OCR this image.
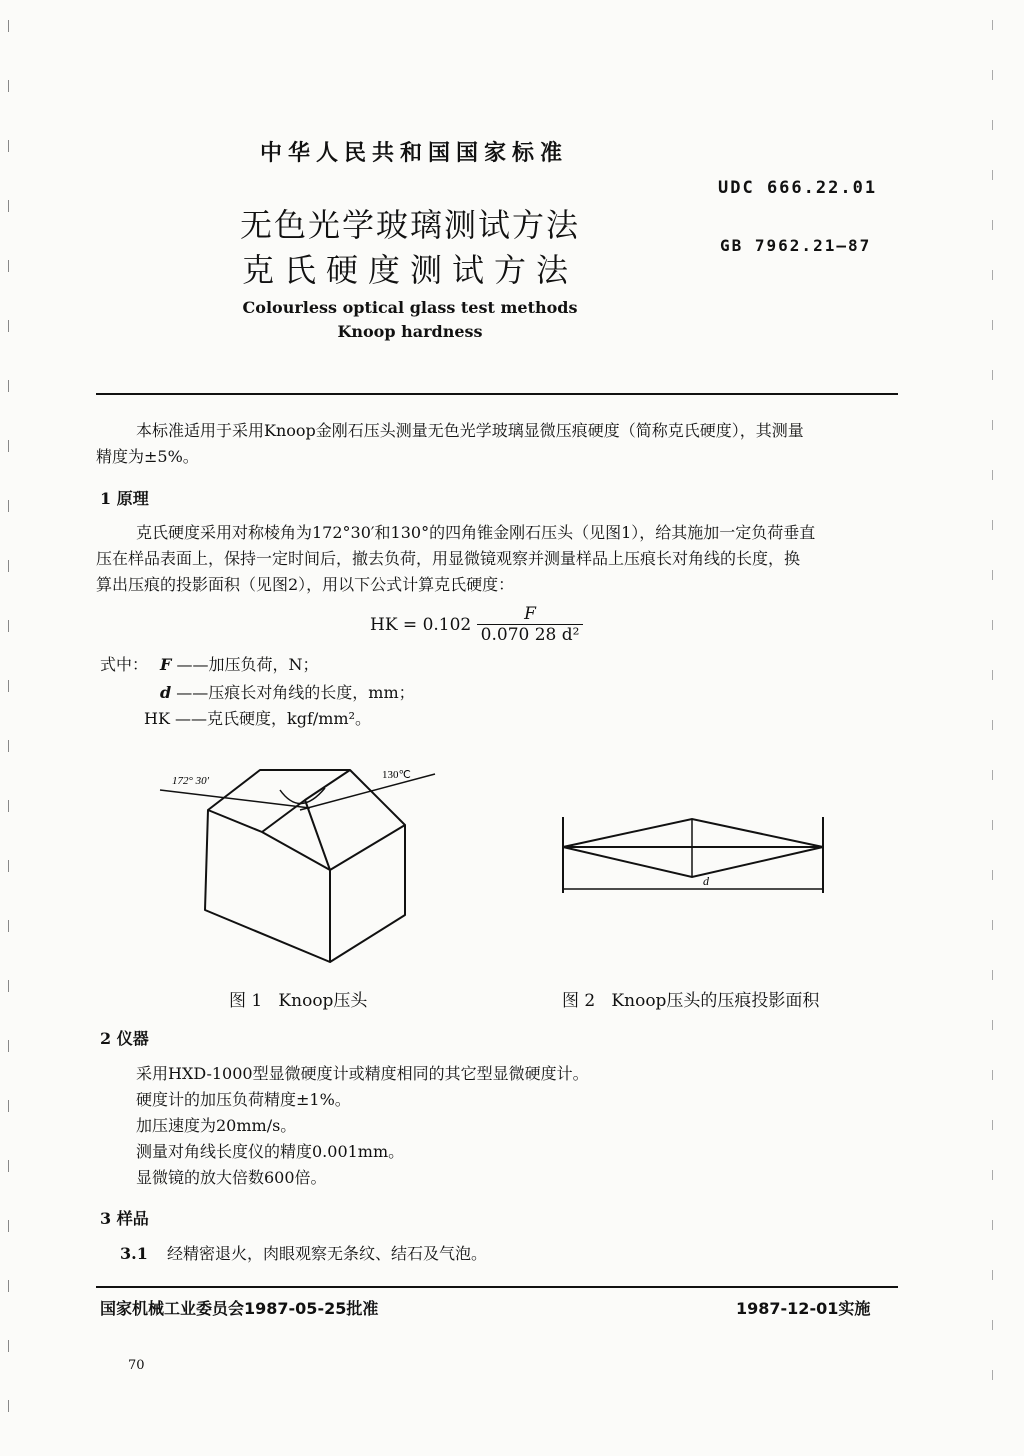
中华人民共和国国家标准
UDC 666.22.01
无色光学玻璃测试方法
GB 7962.21—87
克氏硬度测试方法
Colourless optical glass test methods
Knoop hardness
本标准适用于采用Knoop金刚石压头测量无色光学玻璃显微压痕硬度（简称克氏硬度），其测量
精度为±5%。
1 原理
克氏硬度采用对称棱角为172°30′和130°的四角锥金刚石压头（见图1），给其施加一定负荷垂直
压在样品表面上，保持一定时间后，撤去负荷，用显微镜观察并测量样品上压痕长对角线的长度，换
算出压痕的投影面积（见图2），用以下公式计算克氏硬度：
HK = $0.102 \frac{F}{\text{0.070 28 d²}}$
式中： F ——加压负荷，N；
d ——压痕长对角线的长度，mm；
HK ——克氏硬度，kgf/mm²。
172° 30′	130℃
d
图 1   Knoop压头	图 2   Knoop压头的压痕投影面积
2 仪器
采用HXD-1000型显微硬度计或精度相同的其它型显微硬度计。
硬度计的加压负荷精度±1%。
加压速度为20mm/s。
测量对角线长度仪的精度0.001mm。
显微镜的放大倍数600倍。
3 样品
3.1 经精密退火，肉眼观察无条纹、结石及气泡。
国家机械工业委员会1987-05-25批准	1987-12-01实施
70
